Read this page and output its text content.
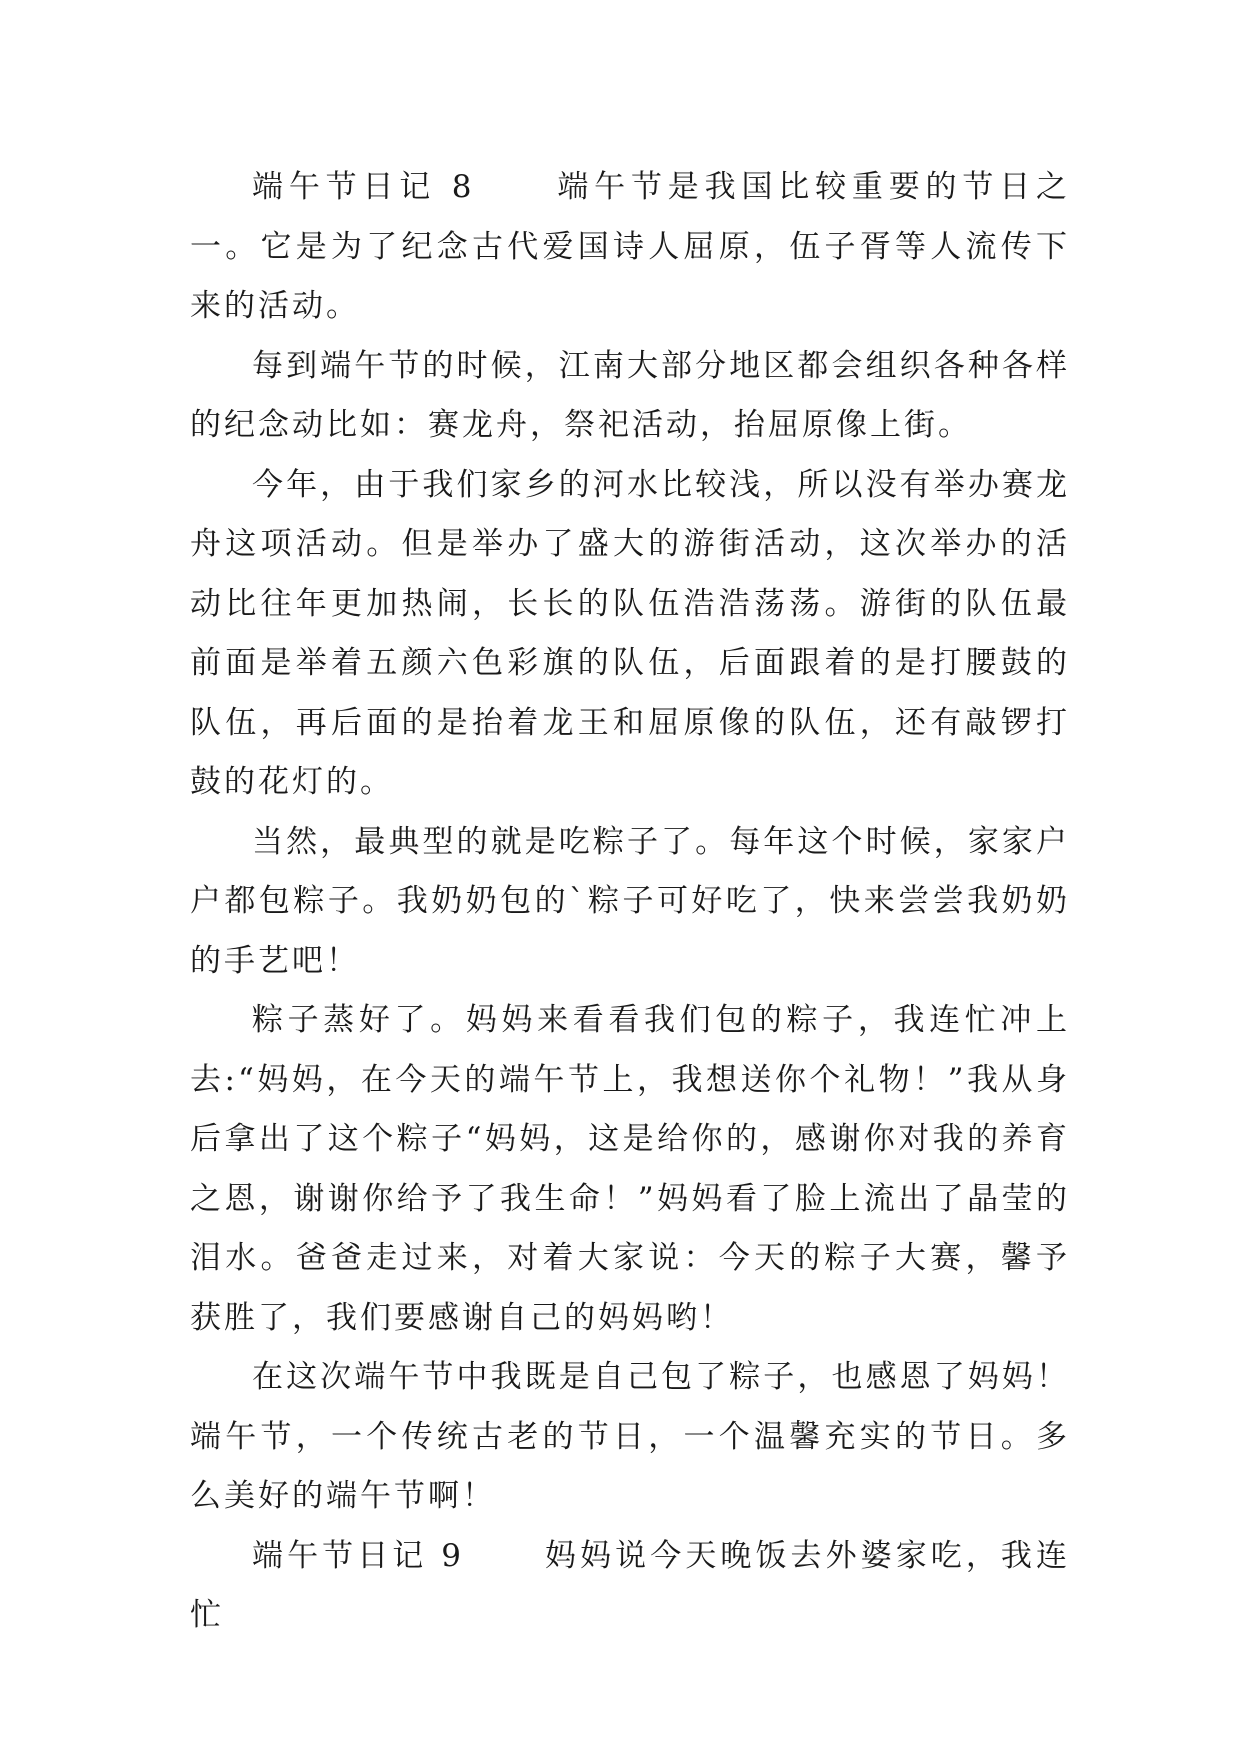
端午节日记 8	端午节是我国比较重要的节日之一。它是为了纪念古代爱国诗人屈原，伍子胥等人流传下来的活动。

每到端午节的时候，江南大部分地区都会组织各种各样的纪念动比如：赛龙舟，祭祀活动，抬屈原像上街。

今年，由于我们家乡的河水比较浅，所以没有举办赛龙舟这项活动。但是举办了盛大的游街活动，这次举办的活动比往年更加热闹，长长的队伍浩浩荡荡。游街的队伍最前面是举着五颜六色彩旗的队伍，后面跟着的是打腰鼓的队伍，再后面的是抬着龙王和屈原像的队伍，还有敲锣打鼓的花灯的。

当然，最典型的就是吃粽子了。每年这个时候，家家户户都包粽子。我奶奶包的`粽子可好吃了，快来尝尝我奶奶的手艺吧！

粽子蒸好了。妈妈来看看我们包的粽子，我连忙冲上去:“妈妈，在今天的端午节上，我想送你个礼物！”我从身后拿出了这个粽子“妈妈，这是给你的，感谢你对我的养育之恩，谢谢你给予了我生命！”妈妈看了脸上流出了晶莹的泪水。爸爸走过来，对着大家说：今天的粽子大赛，馨予获胜了，我们要感谢自己的妈妈哟！

在这次端午节中我既是自己包了粽子，也感恩了妈妈！端午节，一个传统古老的节日，一个温馨充实的节日。多么美好的端午节啊！

端午节日记 9	妈妈说今天晚饭去外婆家吃，我连忙
